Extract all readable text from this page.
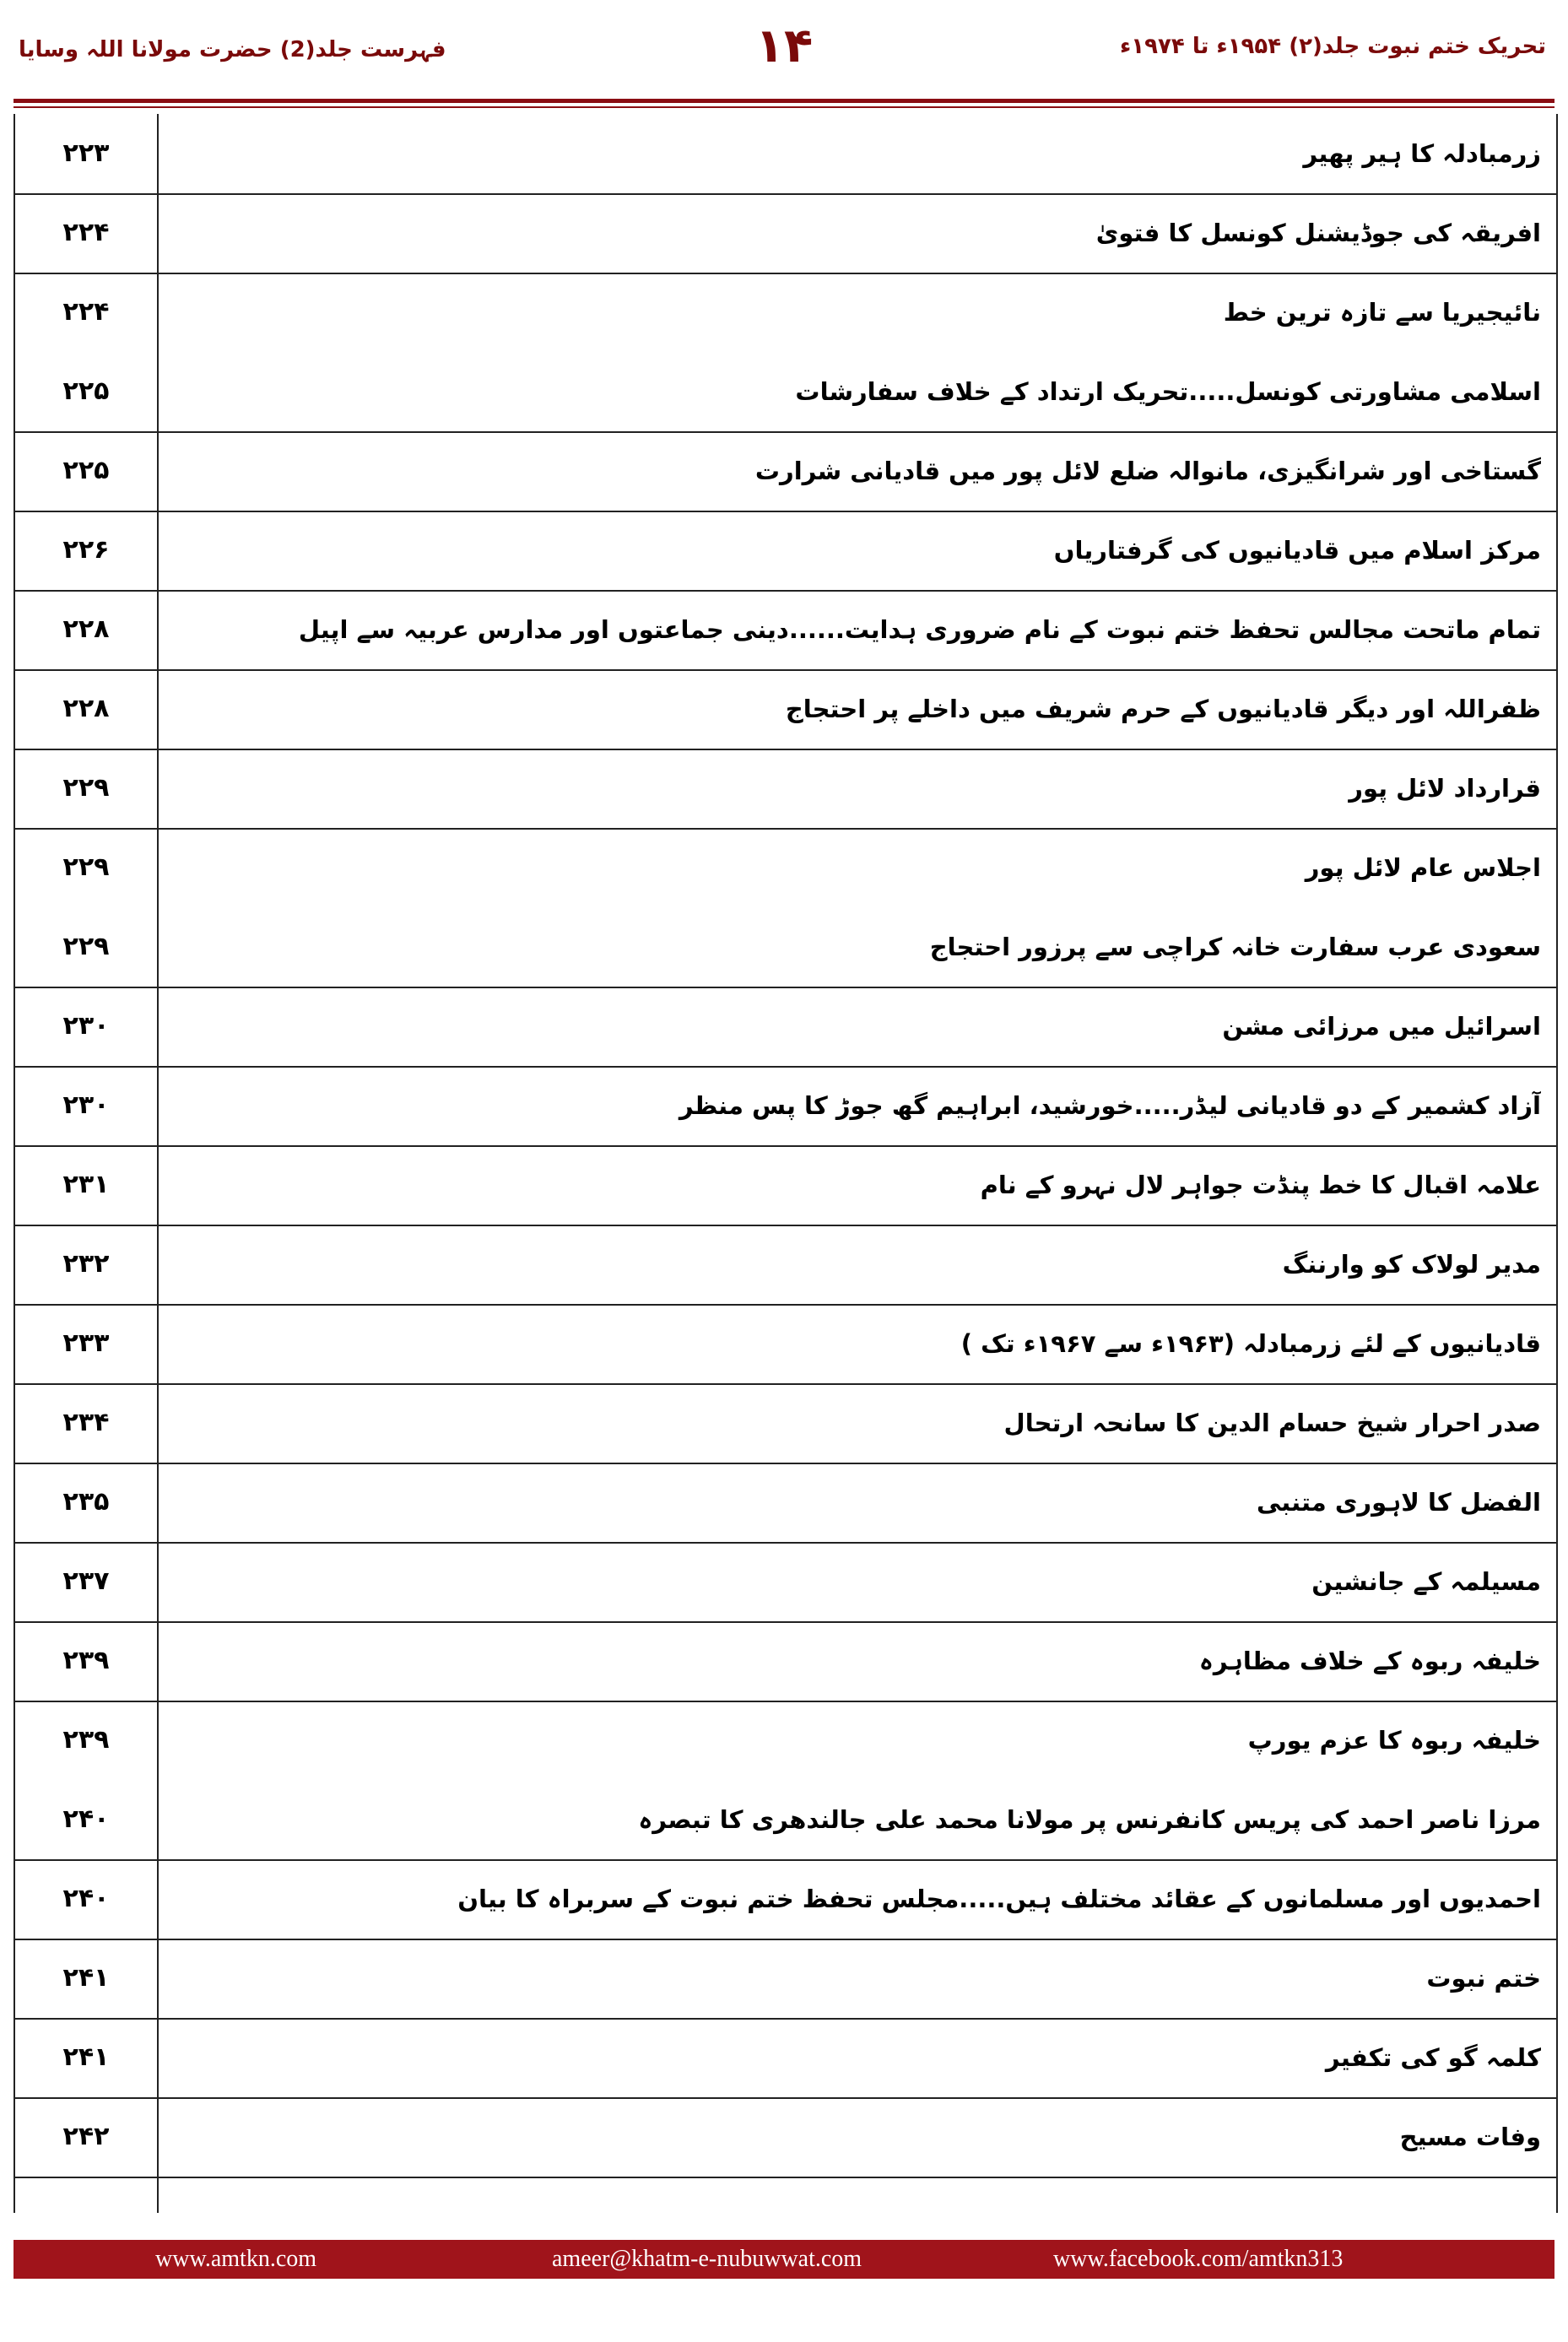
تحریک ختم نبوت جلد(۲) ۱۹۵۴ء تا ۱۹۷۴ء
۱۴
فہرست جلد(2) حضرت مولانا اللہ وسایا
۲۲۳	زرمبادلہ کا ہیر پھیر
۲۲۴	افریقہ کی جوڈیشنل کونسل کا فتویٰ
۲۲۴	نائیجیریا سے تازہ ترین خط
۲۲۵	اسلامی مشاورتی کونسل.....تحریک ارتداد کے خلاف سفارشات
۲۲۵	گستاخی اور شرانگیزی، مانوالہ ضلع لائل پور میں قادیانی شرارت
۲۲۶	مرکز اسلام میں قادیانیوں کی گرفتاریاں
۲۲۸	تمام ماتحت مجالس تحفظ ختم نبوت کے نام ضروری ہدایت......دینی جماعتوں اور مدارس عربیہ سے اپیل
۲۲۸	ظفراللہ اور دیگر قادیانیوں کے حرم شریف میں داخلے پر احتجاج
۲۲۹	قرارداد لائل پور
۲۲۹	اجلاس عام لائل پور
۲۲۹	سعودی عرب سفارت خانہ کراچی سے پرزور احتجاج
۲۳۰	اسرائیل میں مرزائی مشن
۲۳۰	آزاد کشمیر کے دو قادیانی لیڈر.....خورشید، ابراہیم گھ جوڑ کا پس منظر
۲۳۱	علامہ اقبال کا خط پنڈت جواہر لال نہرو کے نام
۲۳۲	مدیر لولاک کو وارننگ
۲۳۳	قادیانیوں کے لئے زرمبادلہ (۱۹۶۳ء سے ۱۹۶۷ء تک )
۲۳۴	صدر احرار شیخ حسام الدین کا سانحہ ارتحال
۲۳۵	الفضل کا لاہوری متنبی
۲۳۷	مسیلمہ کے جانشین
۲۳۹	خلیفہ ربوہ کے خلاف مظاہرہ
۲۳۹	خلیفہ ربوہ کا عزم یورپ
۲۴۰	مرزا ناصر احمد کی پریس کانفرنس پر مولانا محمد علی جالندھری کا تبصرہ
۲۴۰	احمدیوں اور مسلمانوں کے عقائد مختلف ہیں.....مجلس تحفظ ختم نبوت کے سربراہ کا بیان
۲۴۱	ختم نبوت
۲۴۱	کلمہ گو کی تکفیر
۲۴۲	وفات مسیح
www.amtkn.com	ameer@khatm-e-nubuwwat.com	www.facebook.com/amtkn313
